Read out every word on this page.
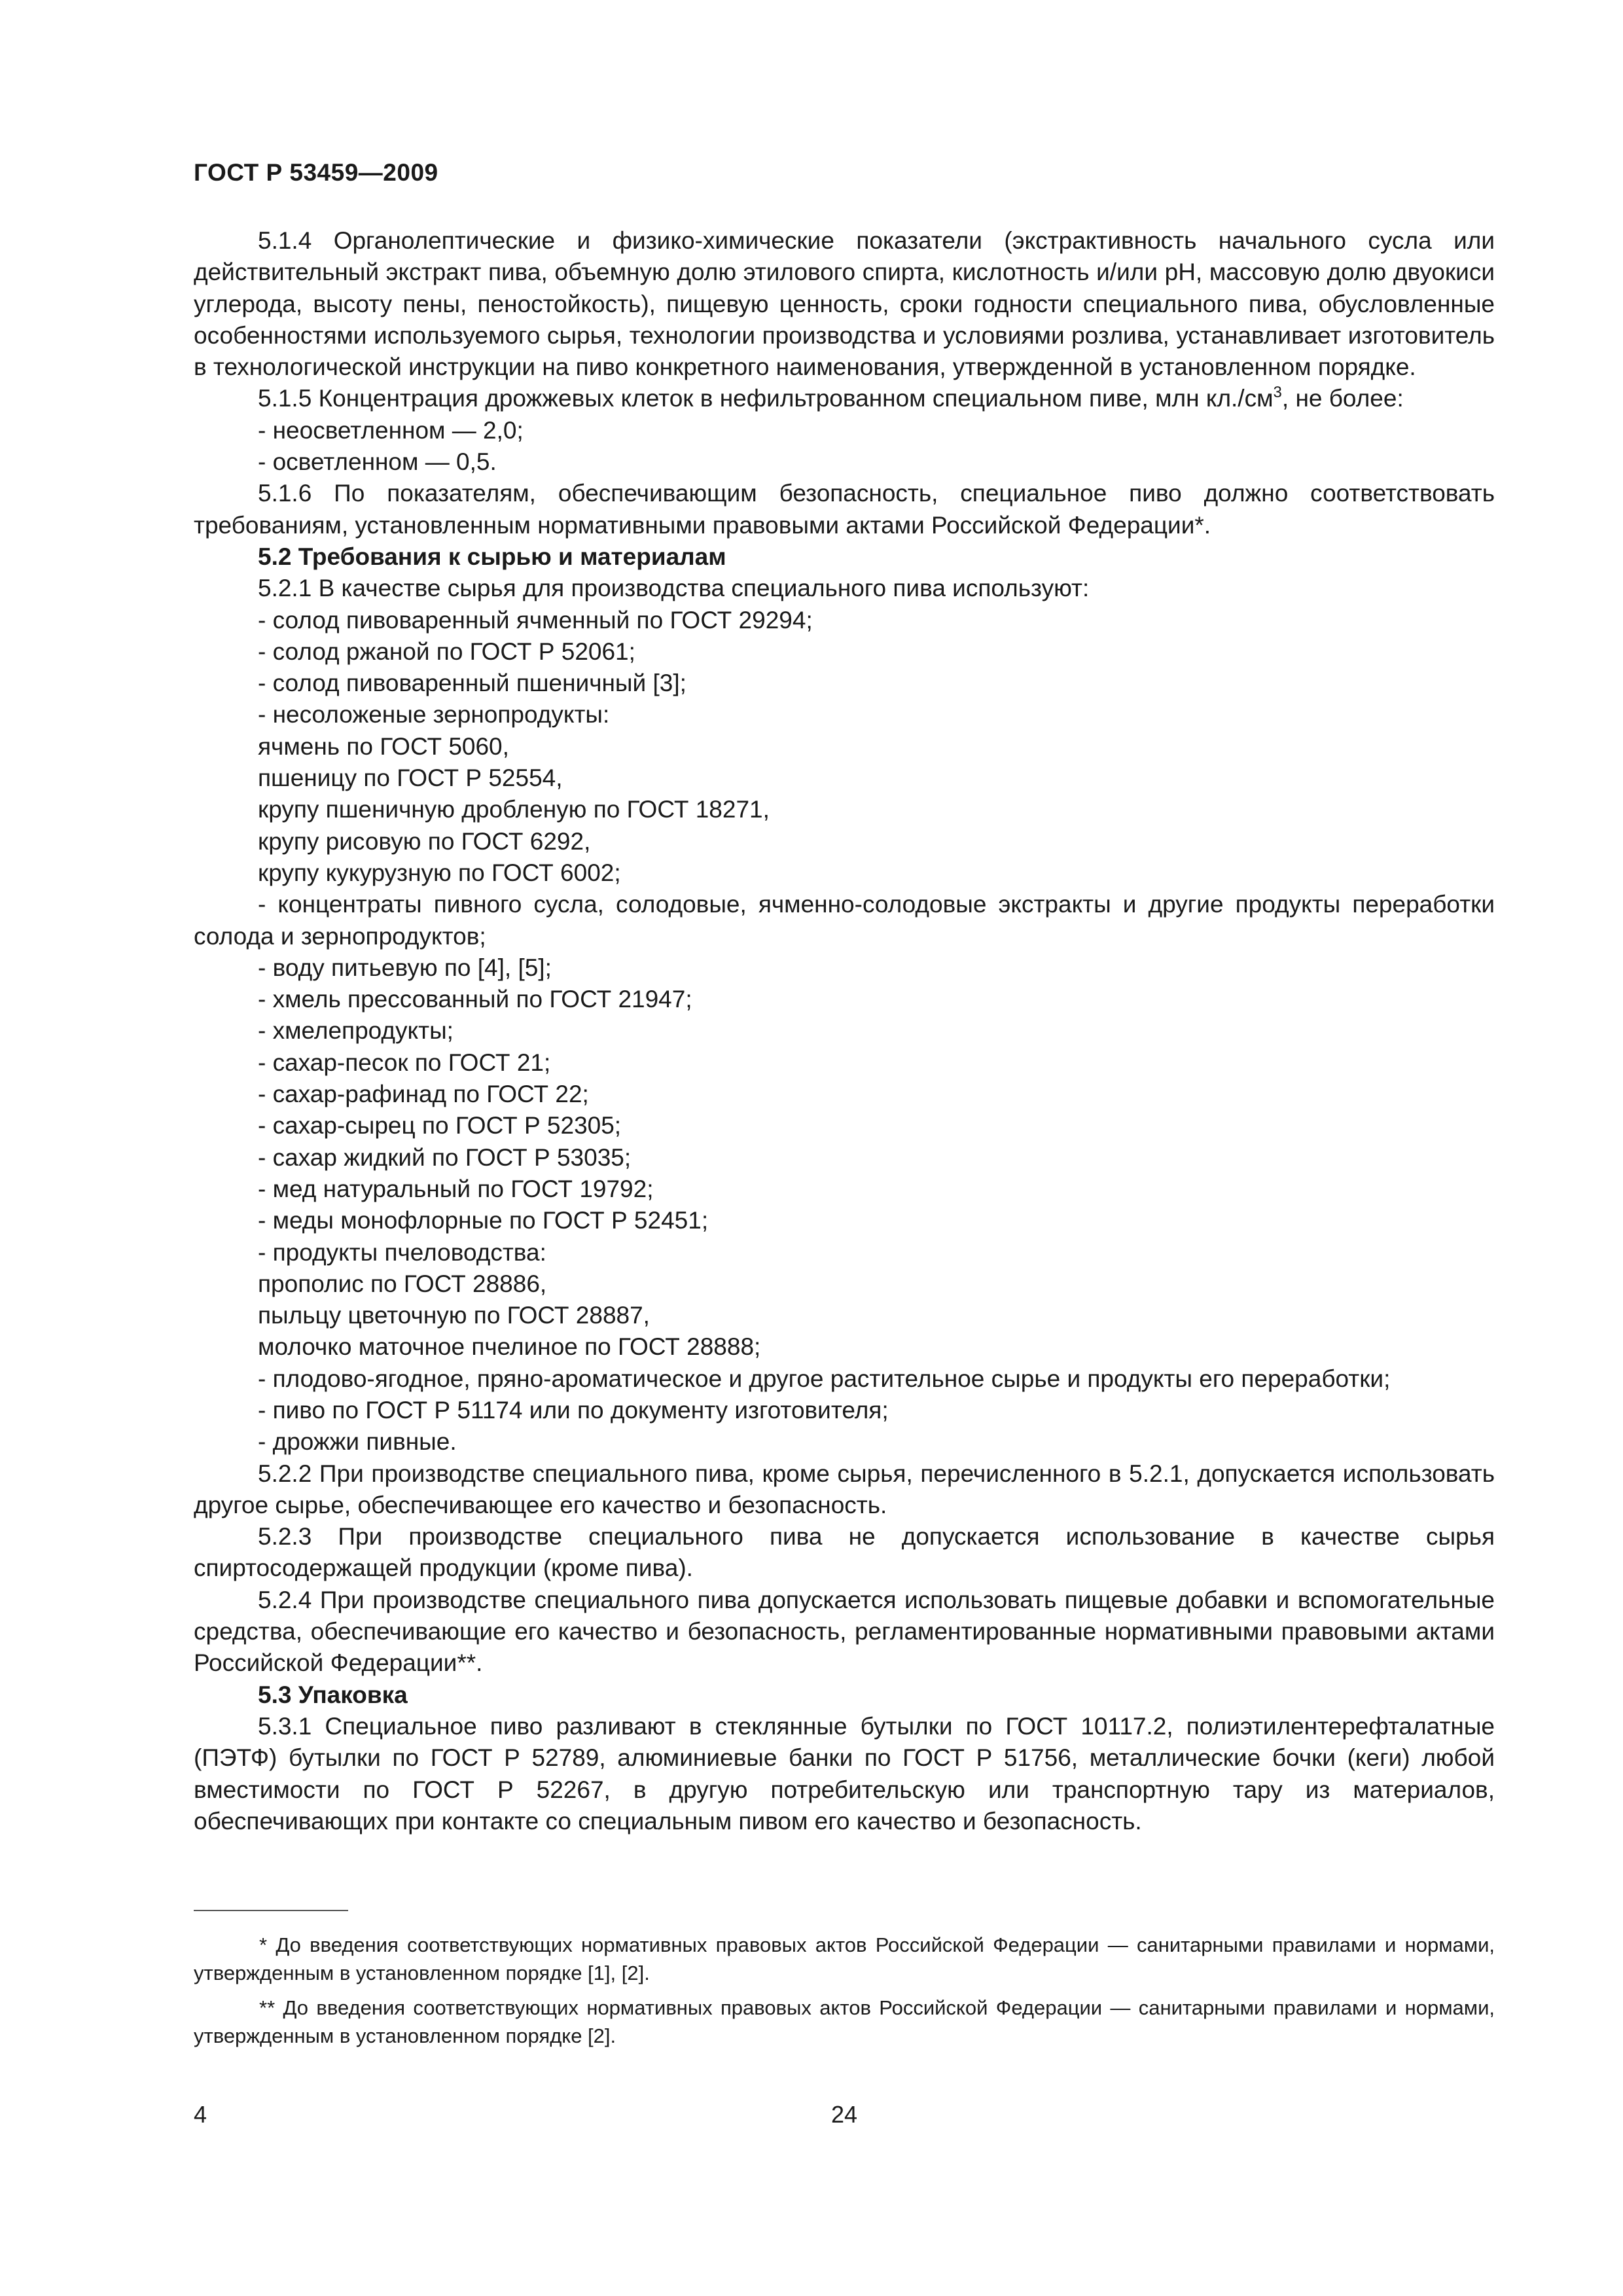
ГОСТ Р 53459—2009

5.1.4 Органолептические и физико-химические показатели (экстрактивность начального сусла или действительный экстракт пива, объемную долю этилового спирта, кислотность и/или pH, массовую долю двуокиси углерода, высоту пены, пеностойкость), пищевую ценность, сроки годности специального пива, обусловленные особенностями используемого сырья, технологии производства и условиями розлива, устанавливает изготовитель в технологической инструкции на пиво конкретного наименования, утвержденной в установленном порядке.

5.1.5 Концентрация дрожжевых клеток в нефильтрованном специальном пиве, млн $кл./см^3$, не более:

- неосветленном — 2,0;

- осветленном — 0,5.

5.1.6 По показателям, обеспечивающим безопасность, специальное пиво должно соответствовать требованиям, установленным нормативными правовыми актами Российской Федерации*.

5.2 Требования к сырью и материалам

5.2.1 В качестве сырья для производства специального пива используют:

- солод пивоваренный ячменный по ГОСТ 29294;

- солод ржаной по ГОСТ Р 52061;

- солод пивоваренный пшеничный [3];

- несоложеные зернопродукты:

ячмень по ГОСТ 5060,

пшеницу по ГОСТ Р 52554,

крупу пшеничную дробленую по ГОСТ 18271,

крупу рисовую по ГОСТ 6292,

крупу кукурузную по ГОСТ 6002;

- концентраты пивного сусла, солодовые, ячменно-солодовые экстракты и другие продукты переработки солода и зернопродуктов;

- воду питьевую по [4], [5];

- хмель прессованный по ГОСТ 21947;

- хмелепродукты;

- сахар-песок по ГОСТ 21;

- сахар-рафинад по ГОСТ 22;

- сахар-сырец по ГОСТ Р 52305;

- сахар жидкий по ГОСТ Р 53035;

- мед натуральный по ГОСТ 19792;

- меды монофлорные по ГОСТ Р 52451;

- продукты пчеловодства:

прополис по ГОСТ 28886,

пыльцу цветочную по ГОСТ 28887,

молочко маточное пчелиное по ГОСТ 28888;

- плодово-ягодное, пряно-ароматическое и другое растительное сырье и продукты его переработки;

- пиво по ГОСТ Р 51174 или по документу изготовителя;

- дрожжи пивные.

5.2.2 При производстве специального пива, кроме сырья, перечисленного в 5.2.1, допускается использовать другое сырье, обеспечивающее его качество и безопасность.

5.2.3 При производстве специального пива не допускается использование в качестве сырья спиртосодержащей продукции (кроме пива).

5.2.4 При производстве специального пива допускается использовать пищевые добавки и вспомогательные средства, обеспечивающие его качество и безопасность, регламентированные нормативными правовыми актами Российской Федерации**.

5.3 Упаковка

5.3.1 Специальное пиво разливают в стеклянные бутылки по ГОСТ 10117.2, полиэтилентерефталатные (ПЭТФ) бутылки по ГОСТ Р 52789, алюминиевые банки по ГОСТ Р 51756, металлические бочки (кеги) любой вместимости по ГОСТ Р 52267, в другую потребительскую или транспортную тару из материалов, обеспечивающих при контакте со специальным пивом его качество и безопасность.

* До введения соответствующих нормативных правовых актов Российской Федерации — санитарными правилами и нормами, утвержденным в установленном порядке [1], [2].

** До введения соответствующих нормативных правовых актов Российской Федерации — санитарными правилами и нормами, утвержденным в установленном порядке [2].

4	24
